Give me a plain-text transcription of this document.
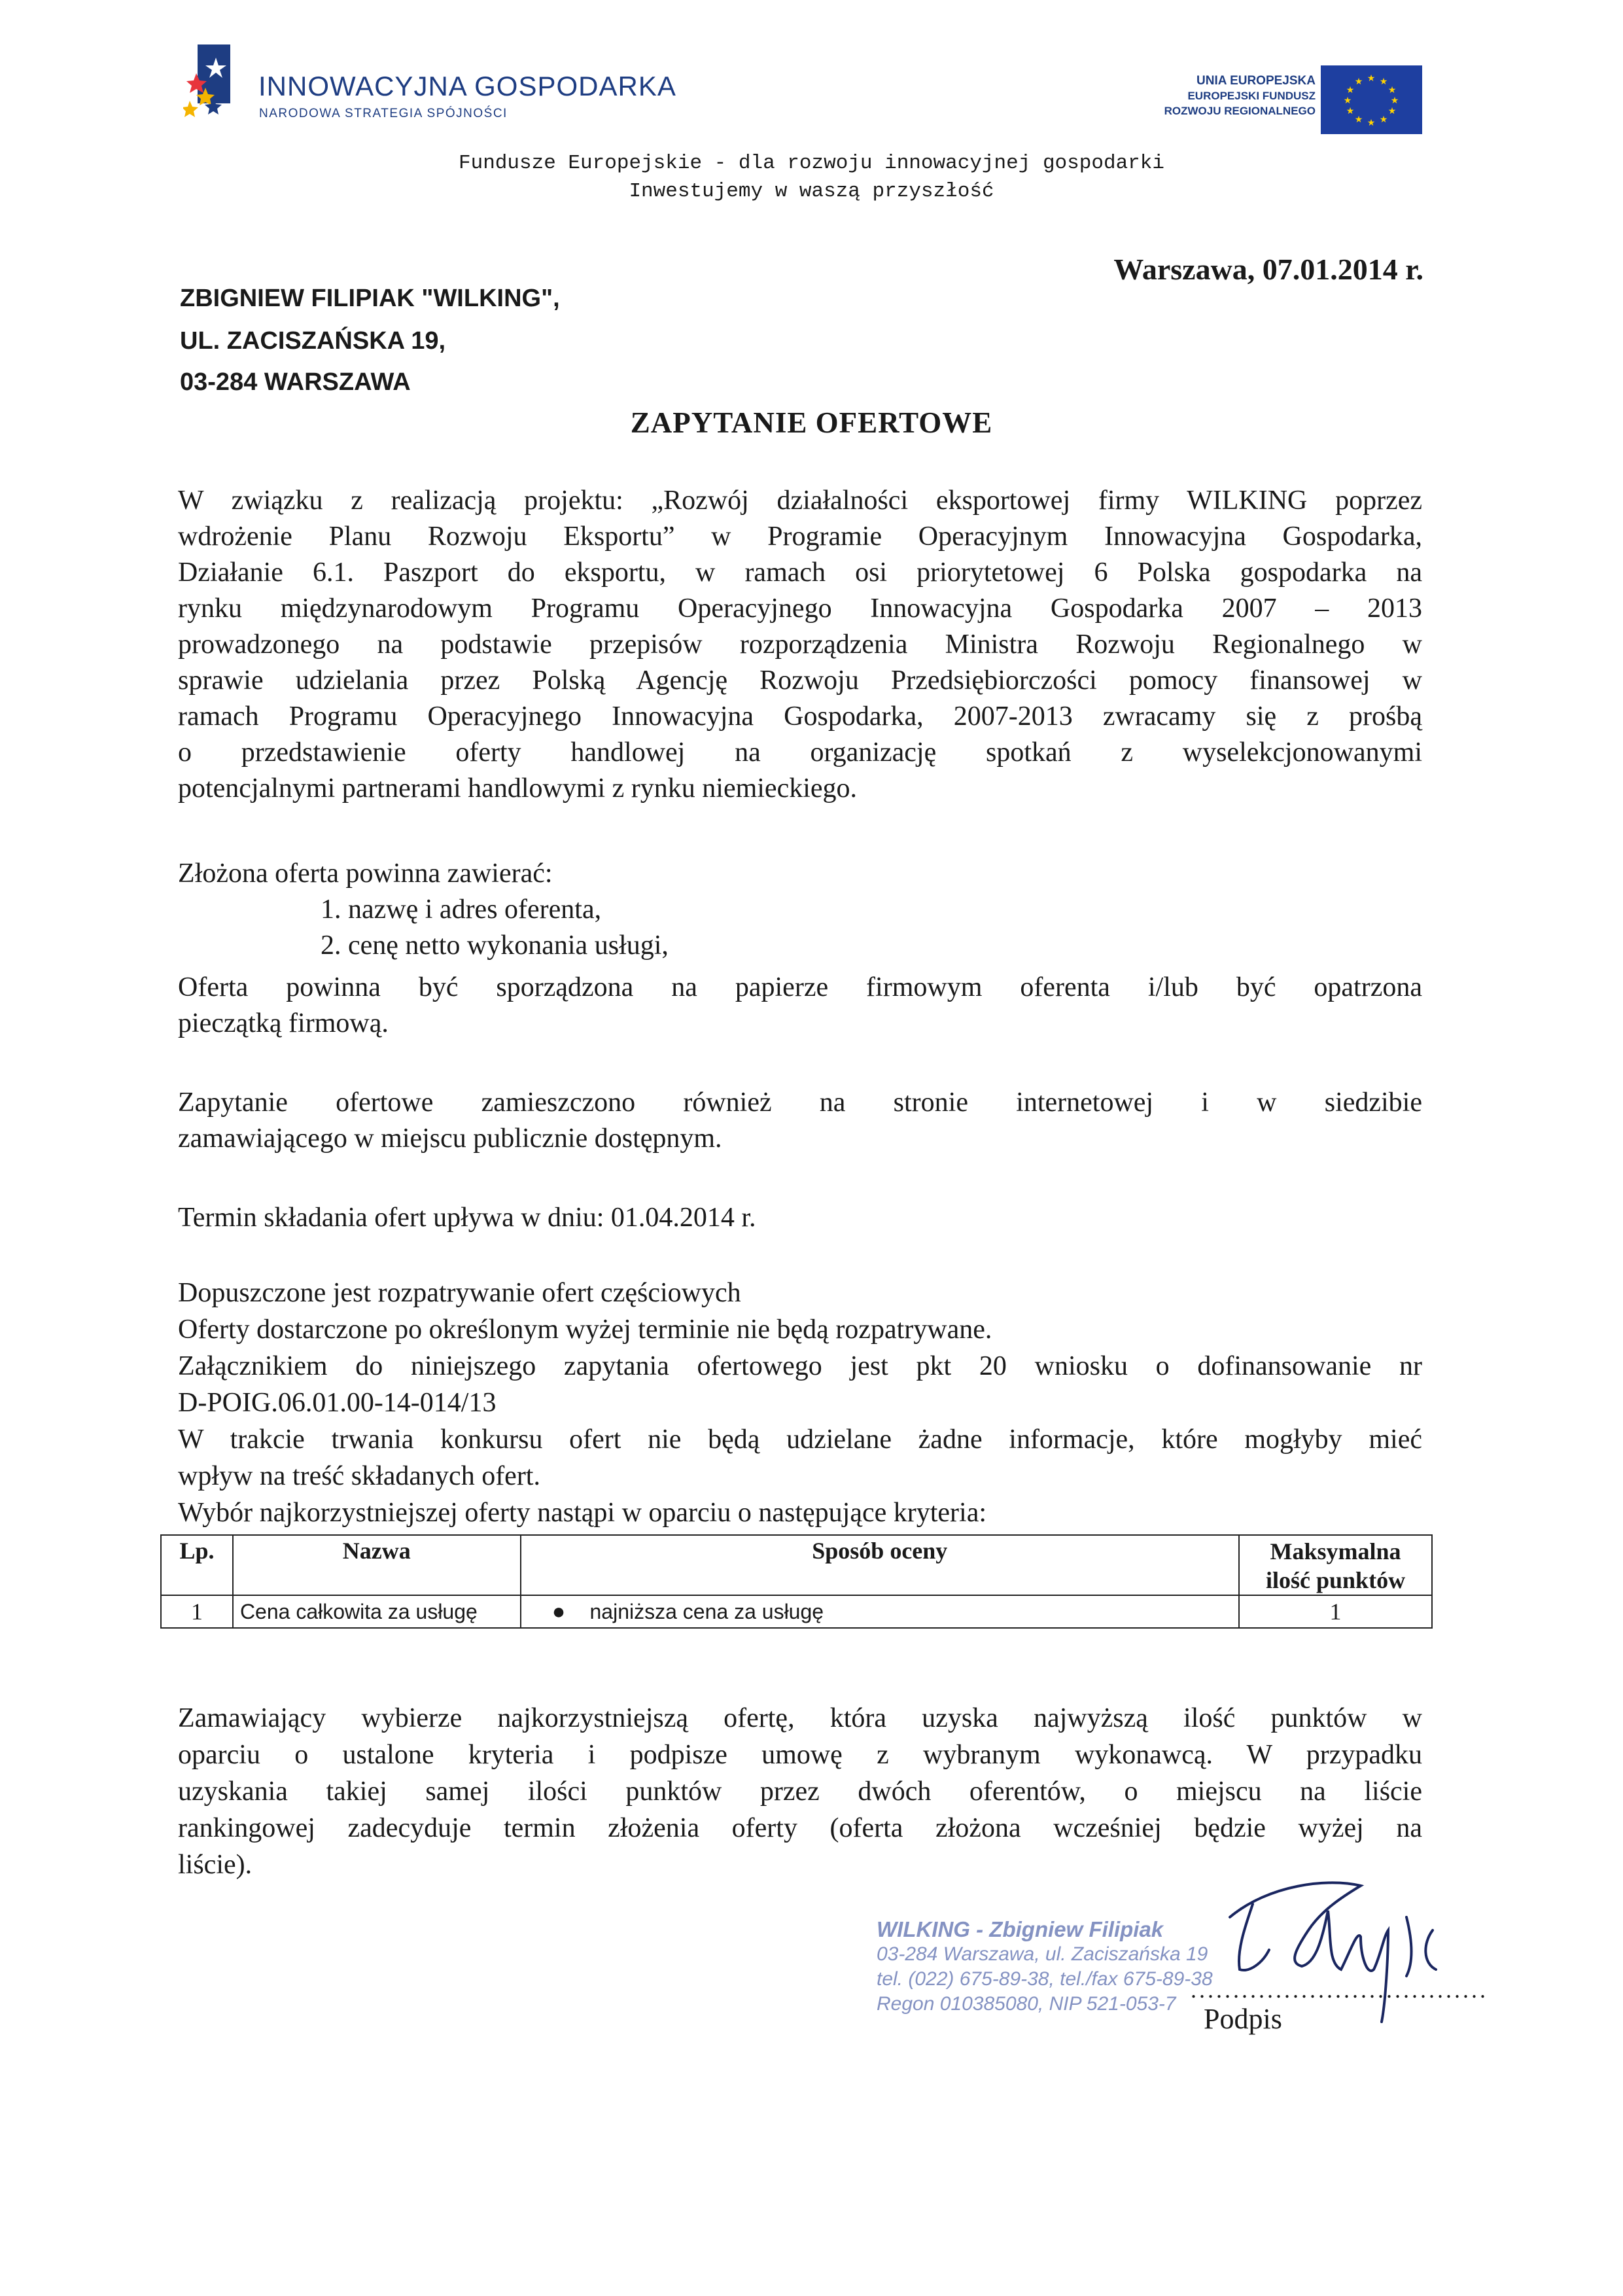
INNOWACYJNA GOSPODARKA
NARODOWA STRATEGIA SPÓJNOŚCI
UNIA EUROPEJSKA
EUROPEJSKI FUNDUSZ
ROZWOJU REGIONALNEGO
★ ★
★
★
★
★
★
★
★
★
★
★
Fundusze Europejskie - dla rozwoju innowacyjnej gospodarki
Inwestujemy w waszą przyszłość
Warszawa, 07.01.2014 r.
ZBIGNIEW FILIPIAK "WILKING",
UL. ZACISZAŃSKA 19,
03-284 WARSZAWA
ZAPYTANIE OFERTOWE
W związku z realizacją projektu: „Rozwój działalności eksportowej firmy WILKING poprzez
wdrożenie Planu Rozwoju Eksportu” w Programie Operacyjnym Innowacyjna Gospodarka,
Działanie 6.1. Paszport do eksportu, w ramach osi priorytetowej 6 Polska gospodarka na
rynku międzynarodowym Programu Operacyjnego Innowacyjna Gospodarka 2007 – 2013
prowadzonego na podstawie przepisów rozporządzenia Ministra Rozwoju Regionalnego w
sprawie udzielania przez Polską Agencję Rozwoju Przedsiębiorczości pomocy finansowej w
ramach Programu Operacyjnego Innowacyjna Gospodarka, 2007-2013 zwracamy się z prośbą
o przedstawienie oferty handlowej na organizację spotkań z wyselekcjonowanymi
potencjalnymi partnerami handlowymi z rynku niemieckiego.
Złożona oferta powinna zawierać:
1. nazwę i adres oferenta,
2. cenę netto wykonania usługi,
Oferta powinna być sporządzona na papierze firmowym oferenta i/lub być opatrzona
pieczątką firmową.
Zapytanie ofertowe zamieszczono również na stronie internetowej i w siedzibie
zamawiającego w miejscu publicznie dostępnym.
Termin składania ofert upływa w dniu: 01.04.2014 r.
Dopuszczone jest rozpatrywanie ofert częściowych
Oferty dostarczone po określonym wyżej terminie nie będą rozpatrywane.
Załącznikiem do niniejszego zapytania ofertowego jest pkt 20 wniosku o dofinansowanie nr
D-POIG.06.01.00-14-014/13
W trakcie trwania konkursu ofert nie będą udzielane żadne informacje, które mogłyby mieć
wpływ na treść składanych ofert.
Wybór najkorzystniejszej oferty nastąpi w oparciu o następujące kryteria:
Lp.	Nazwa	Sposób oceny	Maksymalna ilość punktów
1	Cena całkowita za usługę	● najniższa cena za usługę	1
Zamawiający wybierze najkorzystniejszą ofertę, która uzyska najwyższą ilość punktów w
oparciu o ustalone kryteria i podpisze umowę z wybranym wykonawcą. W przypadku
uzyskania takiej samej ilości punktów przez dwóch oferentów, o miejscu na liście
rankingowej zadecyduje termin złożenia oferty (oferta złożona wcześniej będzie wyżej na
liście).
WILKING - Zbigniew Filipiak
03-284 Warszawa, ul. Zaciszańska 19
tel. (022) 675-89-38, tel./fax 675-89-38
Regon 010385080, NIP 521-053-7
...................................
Podpis
